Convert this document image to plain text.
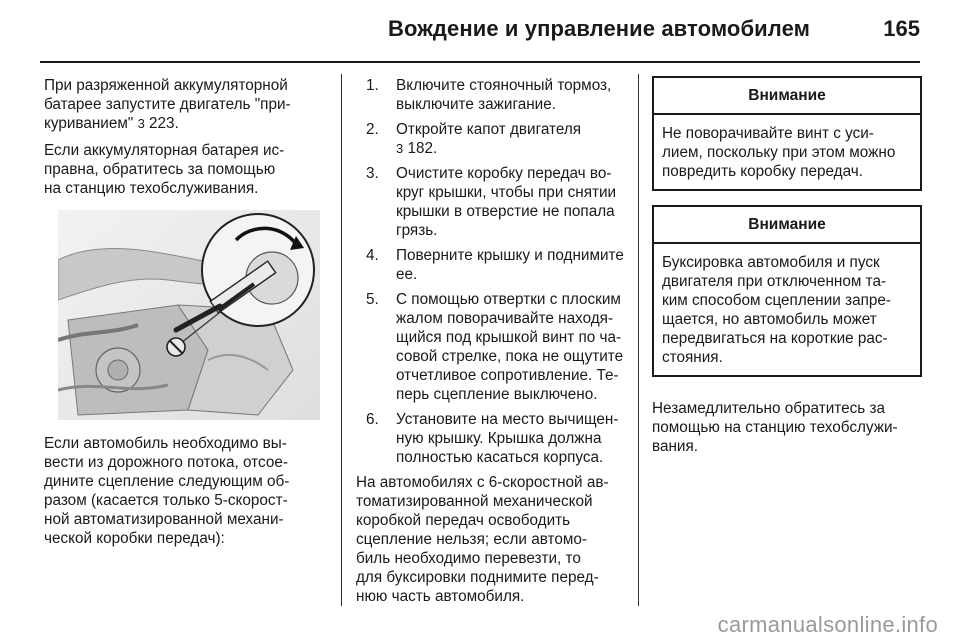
Вождение и управление автомобилем	165

При разряженной аккумуляторной
батарее запустите двигатель "при-
куриванием" 3 223.

Если аккумуляторная батарея ис-
правна, обратитесь за помощью
на станцию техобслуживания.

Если автомобиль необходимо вы-
вести из дорожного потока, отсое-
дините сцепление следующим об-
разом (касается только 5-скорост-
ной автоматизированной механи-
ческой коробки передач):

1.	Включите стояночный тормоз,
выключите зажигание.
2.	Откройте капот двигателя
3 182.
3.	Очистите коробку передач во-
круг крышки, чтобы при снятии
крышки в отверстие не попала
грязь.
4.	Поверните крышку и поднимите
ее.
5.	С помощью отвертки с плоским
жалом поворачивайте находя-
щийся под крышкой винт по ча-
совой стрелке, пока не ощутите
отчетливое сопротивление. Те-
перь сцепление выключено.
6.	Установите на место вычищен-
ную крышку. Крышка должна
полностью касаться корпуса.

На автомобилях с 6-скоростной ав-
томатизированной механической
коробкой передач освободить
сцепление нельзя; если автомо-
биль необходимо перевезти, то
для буксировки поднимите перед-
нюю часть автомобиля.

Внимание
Не поворачивайте винт с уси-
лием, поскольку при этом можно
повредить коробку передач.
Внимание
Буксировка автомобиля и пуск
двигателя при отключенном та-
ким способом сцеплении запре-
щается, но автомобиль может
передвигаться на короткие рас-
стояния.

Незамедлительно обратитесь за
помощью на станцию техобслужи-
вания.

carmanualsonline.info
